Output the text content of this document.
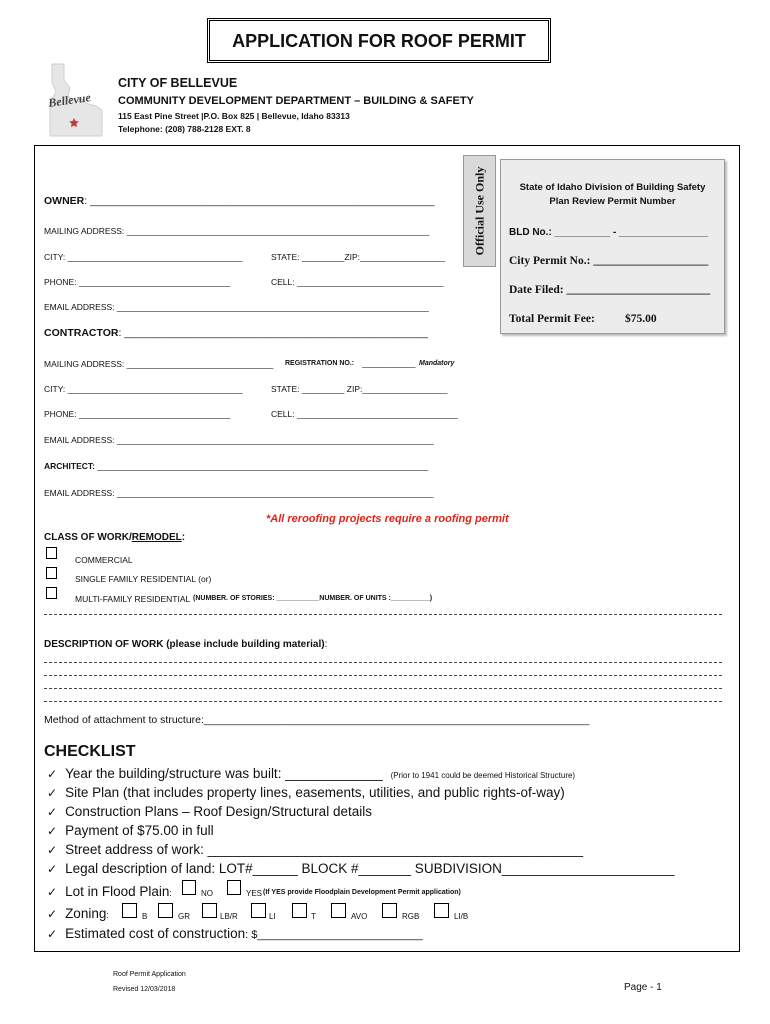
APPLICATION FOR ROOF PERMIT
Bellevue
CITY OF BELLEVUE
COMMUNITY DEVELOPMENT DEPARTMENT – BUILDING & SAFETY
115 East Pine Street |P.O. Box 825 | Bellevue, Idaho 83313
Telephone: (208) 788-2128 EXT. 8
Official Use Only	State of Idaho Division of Building Safety
Plan Review Permit Number
BLD No.: __________ - ________________
City Permit No.: ____________________
Date Filed: _________________________
Total Permit Fee:	$75.00
OWNER: ___________________________________________________________
MAILING ADDRESS: ________________________________________________________________
CITY: _____________________________________	STATE: _________ZIP:__________________
PHONE: ________________________________	CELL: _______________________________
EMAIL ADDRESS: __________________________________________________________________
CONTRACTOR: ____________________________________________________
MAILING ADDRESS: _______________________________ REGISTRATION NO.: ____________ Mandatory
CITY: _____________________________________	STATE: _________ ZIP:__________________
PHONE: ________________________________	CELL: __________________________________
EMAIL ADDRESS: ___________________________________________________________________
ARCHITECT: ______________________________________________________________________
EMAIL ADDRESS: ___________________________________________________________________
*All reroofing projects require a roofing permit
CLASS OF WORK/REMODEL:
COMMERCIAL
SINGLE FAMILY RESIDENTIAL (or)
MULTI-FAMILY RESIDENTIAL (NUMBER. OF STORIES: ___________NUMBER. OF UNITS :__________)
DESCRIPTION OF WORK (please include building material):
Method of attachment to structure:__________________________________________________________________
CHECKLIST
✓ Year the building/structure was built: _____________ (Prior to 1941 could be deemed Historical Structure)
✓ Site Plan (that includes property lines, easements, utilities, and public rights-of-way)
✓ Construction Plans – Roof Design/Structural details
✓ Payment of $75.00 in full
✓ Street address of work: __________________________________________________
✓ Legal description of land: LOT#______ BLOCK #_______ SUBDIVISION_______________________
✓ Lot in Flood Plain:	NO	YES (If YES provide Floodplain Development Permit application)
✓ Zoning:	B	GR	LB/R	LI	T	AVO	RGB	LI/B
✓ Estimated cost of construction: $___________________________
Roof Permit Application
Revised 12/03/2018	Page - 1
